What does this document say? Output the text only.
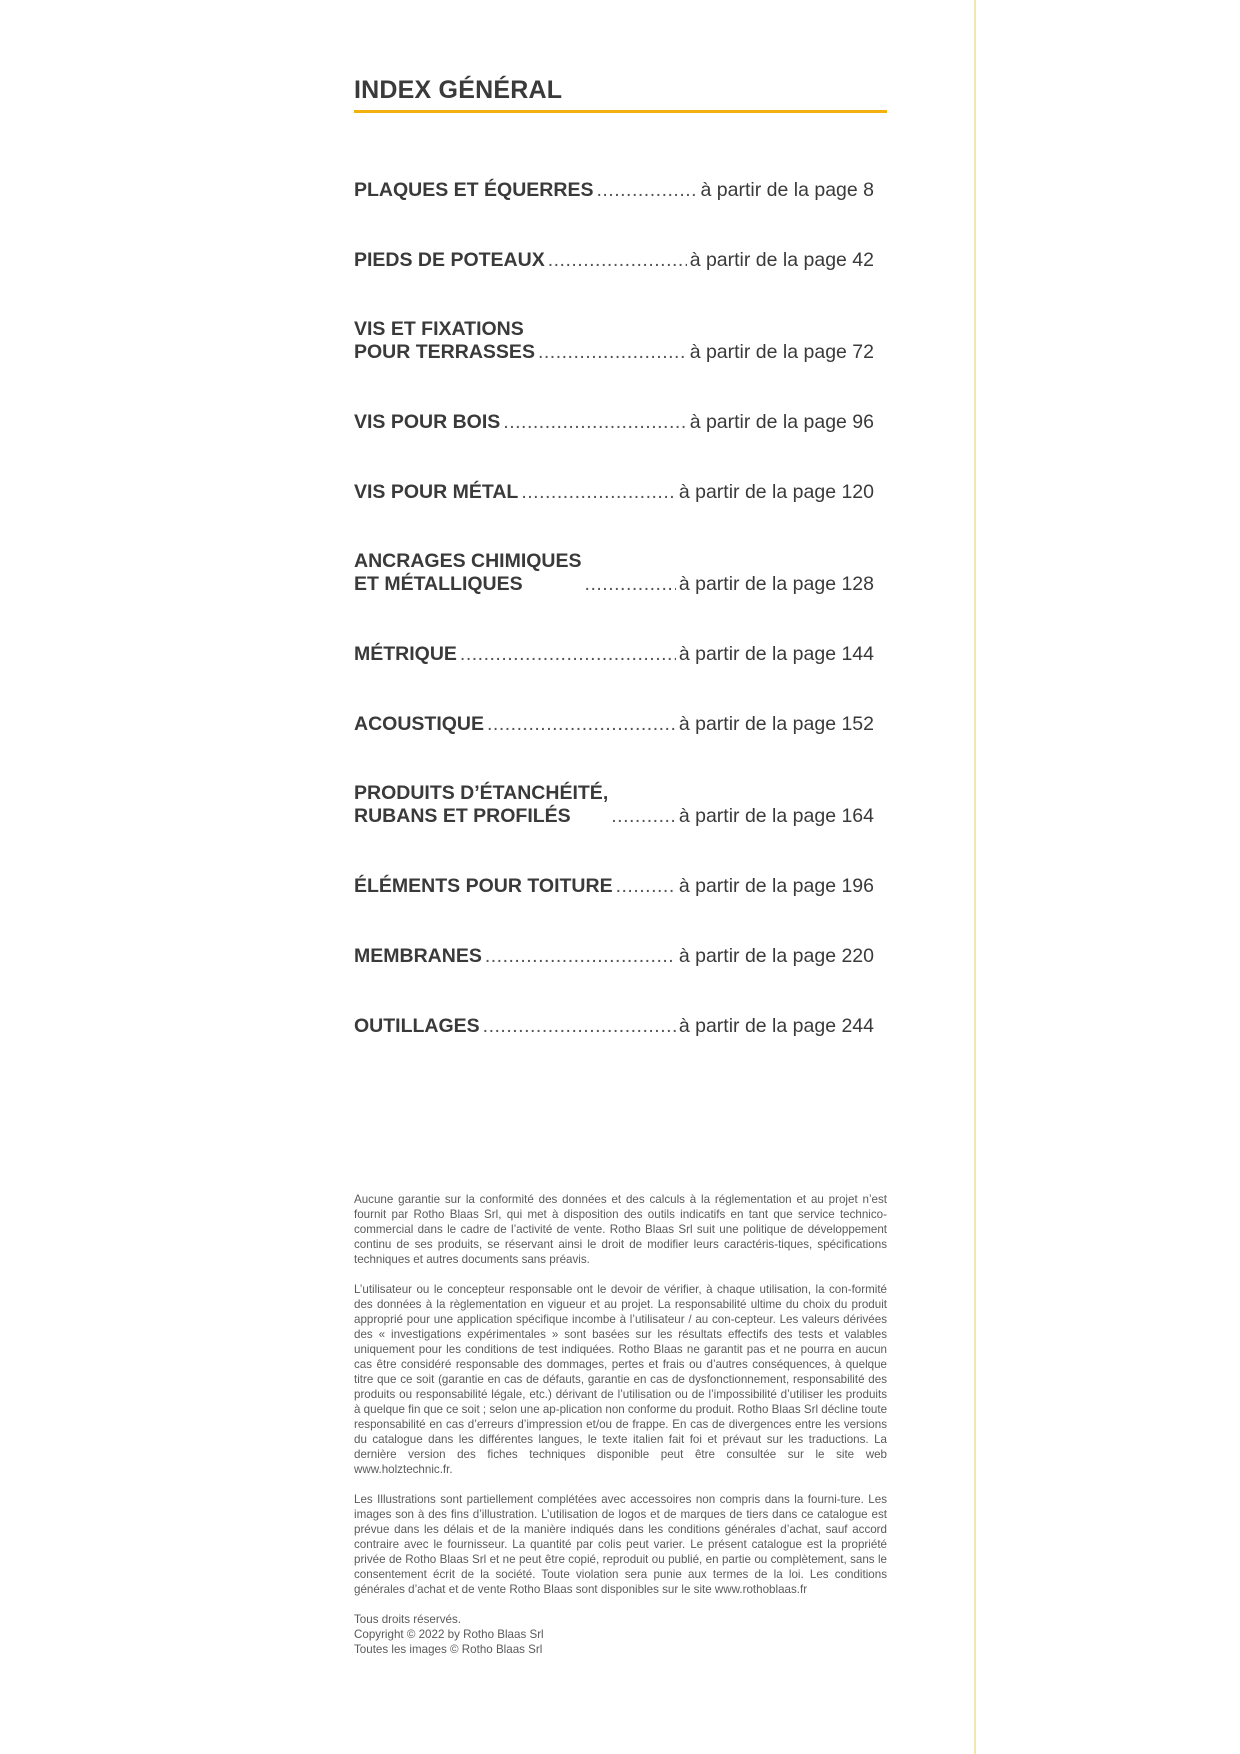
INDEX GÉNÉRAL
PLAQUES ET ÉQUERRES .....	à partir de la page 8
PIEDS DE POTEAUX .....	à partir de la page 42
VIS ET FIXATIONS
POUR TERRASSES .....	à partir de la page 72
VIS POUR BOIS .....	à partir de la page 96
VIS POUR MÉTAL .....	à partir de la page 120
ANCRAGES CHIMIQUES
ET MÉTALLIQUES .....	à partir de la page 128
MÉTRIQUE .....	à partir de la page 144
ACOUSTIQUE .....	à partir de la page 152
PRODUITS D’ÉTANCHÉITÉ,
RUBANS ET PROFILÉS .....	à partir de la page 164
ÉLÉMENTS POUR TOITURE .....	à partir de la page 196
MEMBRANES .....	à partir de la page 220
OUTILLAGES .....	à partir de la page 244

Aucune garantie sur la conformité des données et des calculs à la réglementation et au projet n’est fournit par Rotho Blaas Srl, qui met à disposition des outils indicatifs en tant que service technico-commercial dans le cadre de l’activité de vente. Rotho Blaas Srl suit une politique de développement continu de ses produits, se réservant ainsi le droit de modifier leurs caractéris-tiques, spécifications techniques et autres documents sans préavis.

L’utilisateur ou le concepteur responsable ont le devoir de vérifier, à chaque utilisation, la con-formité des données à la règlementation en vigueur et au projet. La responsabilité ultime du choix du produit approprié pour une application spécifique incombe à l’utilisateur / au con-cepteur. Les valeurs dérivées des « investigations expérimentales » sont basées sur les résultats effectifs des tests et valables uniquement pour les conditions de test indiquées. Rotho Blaas ne garantit pas et ne pourra en aucun cas être considéré responsable des dommages, pertes et frais ou d’autres conséquences, à quelque titre que ce soit (garantie en cas de défauts, garantie en cas de dysfonctionnement, responsabilité des produits ou responsabilité légale, etc.) dérivant de l’utilisation ou de l’impossibilité d’utiliser les produits à quelque fin que ce soit ; selon une ap-plication non conforme du produit. Rotho Blaas Srl décline toute responsabilité en cas d’erreurs d’impression et/ou de frappe. En cas de divergences entre les versions du catalogue dans les différentes langues, le texte italien fait foi et prévaut sur les traductions. La dernière version des fiches techniques disponible peut être consultée sur le site web www.holztechnic.fr.

Les Illustrations sont partiellement complétées avec accessoires non compris dans la fourni-ture. Les images son à des fins d’illustration. L’utilisation de logos et de marques de tiers dans ce catalogue est prévue dans les délais et de la manière indiqués dans les conditions générales d’achat, sauf accord contraire avec le fournisseur. La quantité par colis peut varier. Le présent catalogue est la propriété privée de Rotho Blaas Srl et ne peut être copié, reproduit ou publié, en partie ou complètement, sans le consentement écrit de la société. Toute violation sera punie aux termes de la loi. Les conditions générales d’achat et de vente Rotho Blaas sont disponibles sur le site www.rothoblaas.fr

Tous droits réservés.
Copyright © 2022 by Rotho Blaas Srl
Toutes les images © Rotho Blaas Srl
